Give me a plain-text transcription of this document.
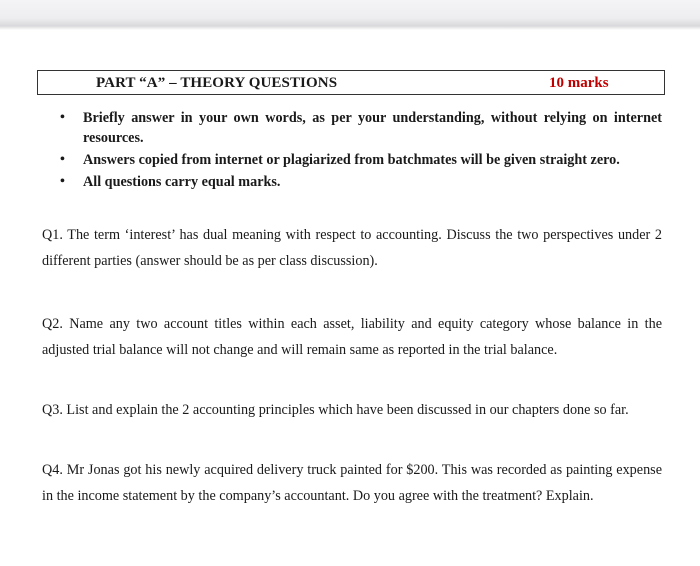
PART “A” – THEORY QUESTIONS	10 marks
• Briefly answer in your own words, as per your understanding, without relying on internet resources.
• Answers copied from internet or plagiarized from batchmates will be given straight zero.
• All questions carry equal marks.
Q1. The term ‘interest’ has dual meaning with respect to accounting. Discuss the two perspectives under 2 different parties (answer should be as per class discussion).
Q2. Name any two account titles within each asset, liability and equity category whose balance in the adjusted trial balance will not change and will remain same as reported in the trial balance.
Q3. List and explain the 2 accounting principles which have been discussed in our chapters done so far.
Q4. Mr Jonas got his newly acquired delivery truck painted for $200. This was recorded as painting expense in the income statement by the company’s accountant. Do you agree with the treatment? Explain.
